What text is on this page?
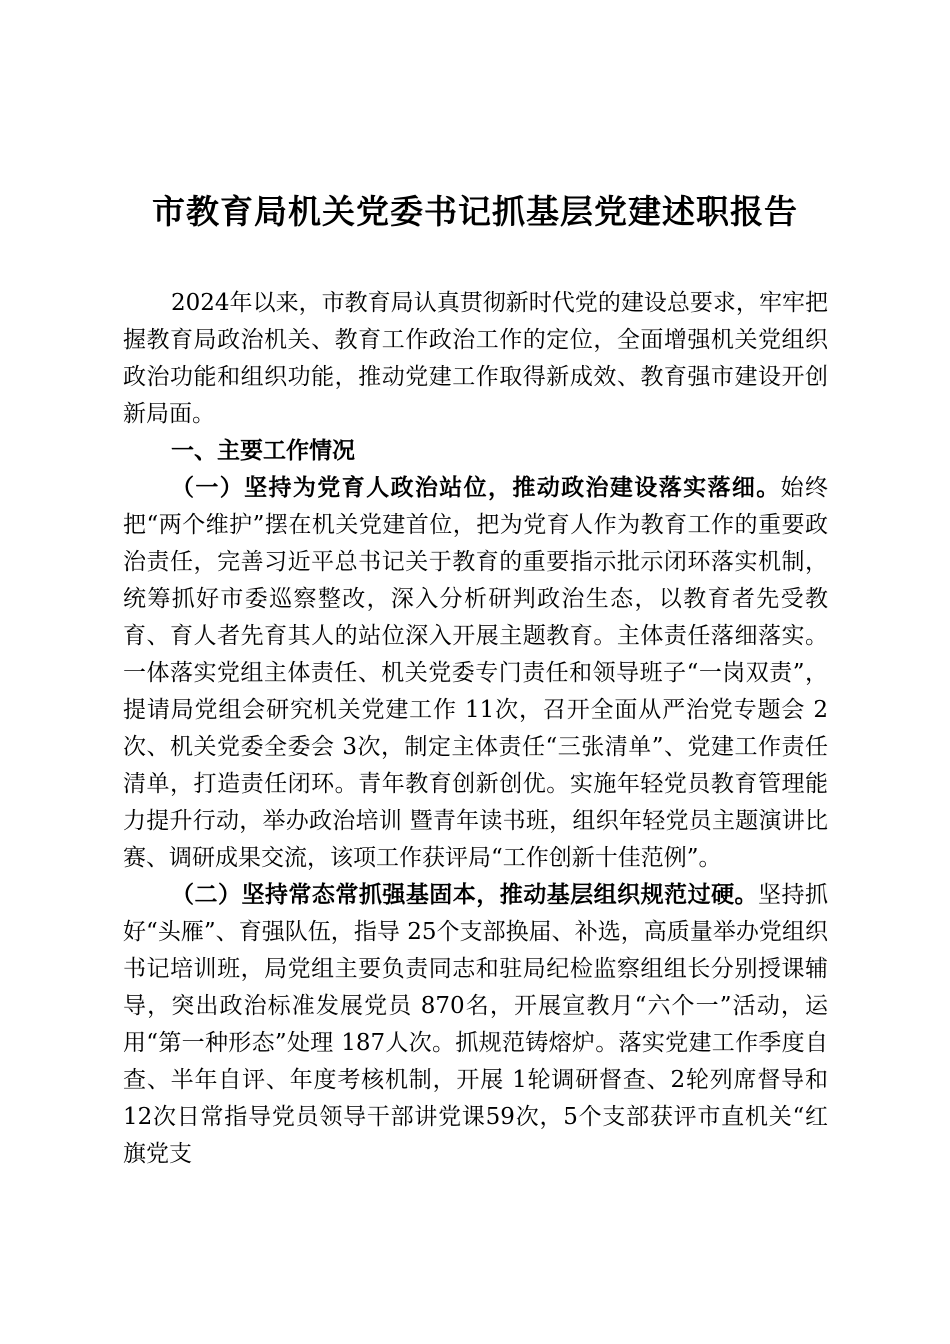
市教育局机关党委书记抓基层党建述职报告

2024年以来，市教育局认真贯彻新时代党的建设总要求，牢牢把握教育局政治机关、教育工作政治工作的定位，全面增强机关党组织政治功能和组织功能，推动党建工作取得新成效、教育强市建设开创新局面。

一、主要工作情况

（一）坚持为党育人政治站位，推动政治建设落实落细。始终把“两个维护”摆在机关党建首位，把为党育人作为教育工作的重要政治责任，完善习近平总书记关于教育的重要指示批示闭环落实机制，统筹抓好市委巡察整改，深入分析研判政治生态，以教育者先受教育、育人者先育其人的站位深入开展主题教育。主体责任落细落实。一体落实党组主体责任、机关党委专门责任和领导班子“一岗双责”，提请局党组会研究机关党建工作 11次，召开全面从严治党专题会 2次、机关党委全委会 3次，制定主体责任“三张清单”、党建工作责任清单，打造责任闭环。青年教育创新创优。实施年轻党员教育管理能力提升行动，举办政治培训 暨青年读书班，组织年轻党员主题演讲比赛、调研成果交流，该项工作获评局“工作创新十佳范例”。

（二）坚持常态常抓强基固本，推动基层组织规范过硬。坚持抓好“头雁”、育强队伍，指导 25个支部换届、补选，高质量举办党组织书记培训班，局党组主要负责同志和驻局纪检监察组组长分别授课辅导，突出政治标准发展党员 870名，开展宣教月“六个一”活动，运用“第一种形态”处理 187人次。抓规范铸熔炉。落实党建工作季度自查、半年自评、年度考核机制，开展 1轮调研督查、2轮列席督导和12次日常指导党员领导干部讲党课59次，5个支部获评市直机关“红旗党支
